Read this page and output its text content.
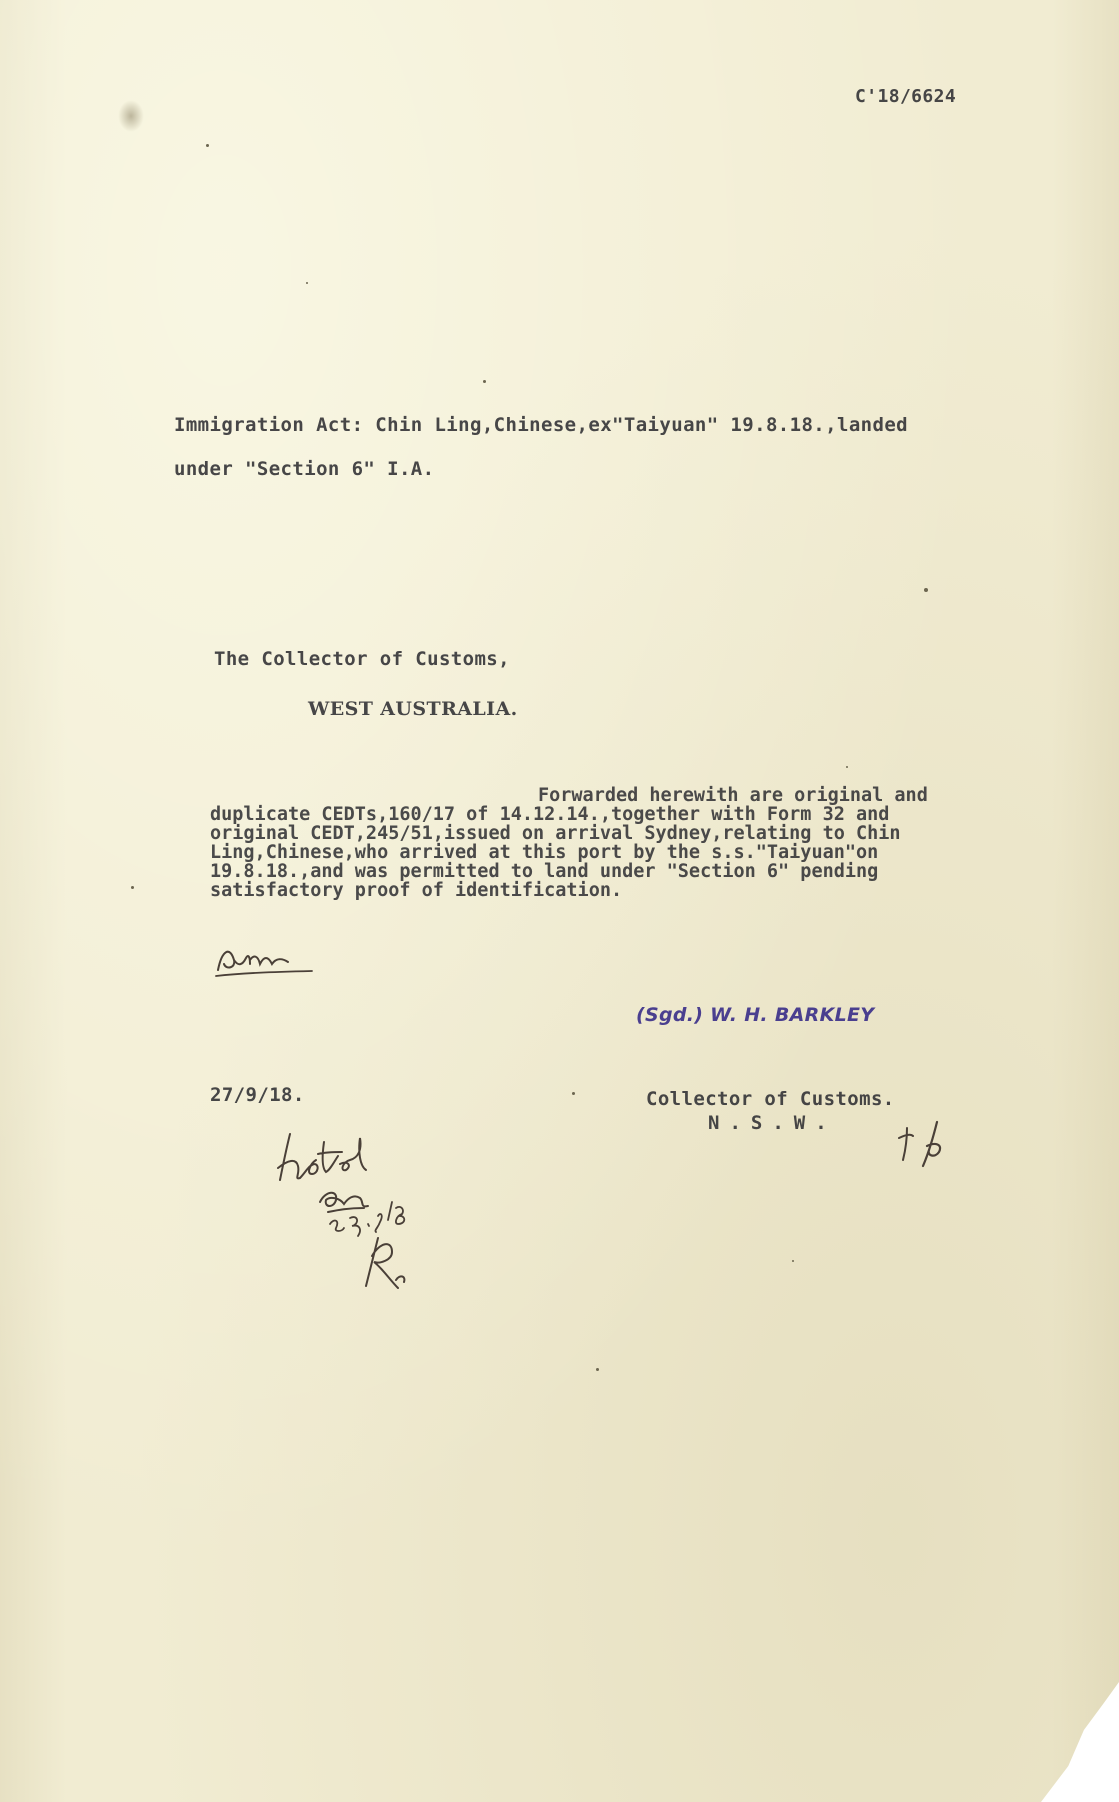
C'18/6624
Immigration Act: Chin Ling,Chinese,ex"Taiyuan" 19.8.18.,landed
under "Section 6" I.A.
The Collector of Customs,
WEST AUSTRALIA.
Forwarded herewith are original and
duplicate CEDTs,160/17 of 14.12.14.,together with Form 32 and
original CEDT,245/51,issued on arrival Sydney,relating to Chin
Ling,Chinese,who arrived at this port by the s.s."Taiyuan"on
19.8.18.,and was permitted to land under "Section 6" pending
satisfactory proof of identification.
(Sgd.) W. H. BARKLEY
27/9/18.	Collector of Customs.
N.S.W.
